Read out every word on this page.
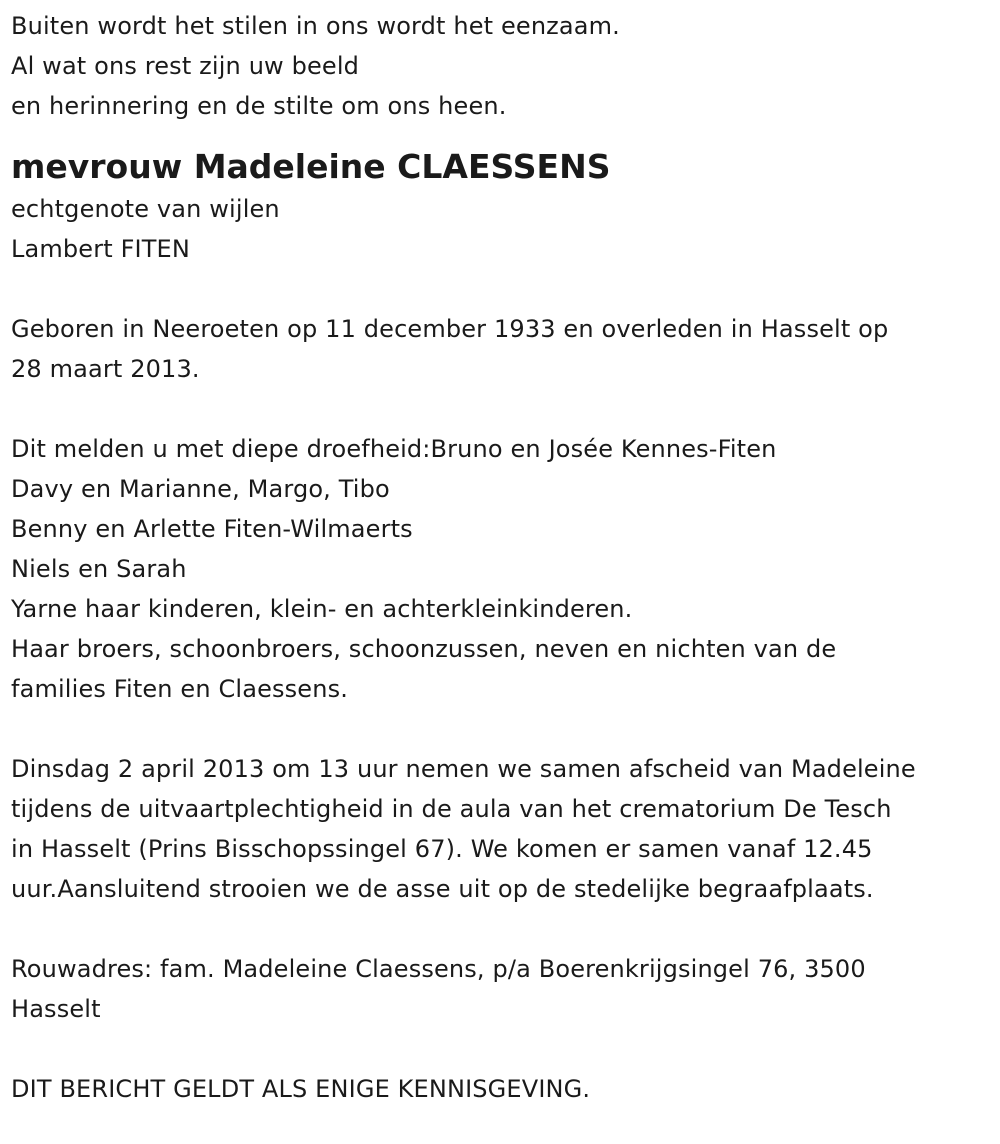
Buiten wordt het stilen in ons wordt het eenzaam.
Al wat ons rest zijn uw beeld
en herinnering en de stilte om ons heen.
mevrouw Madeleine CLAESSENS
echtgenote van wijlen
Lambert FITEN
Geboren in Neeroeten op 11 december 1933 en overleden in Hasselt op
28 maart 2013.
Dit melden u met diepe droefheid:Bruno en Josée Kennes-Fiten
Davy en Marianne, Margo, Tibo
Benny en Arlette Fiten-Wilmaerts
Niels en Sarah
Yarne haar kinderen, klein- en achterkleinkinderen.
Haar broers, schoonbroers, schoonzussen, neven en nichten van de
families Fiten en Claessens.
Dinsdag 2 april 2013 om 13 uur nemen we samen afscheid van Madeleine
tijdens de uitvaartplechtigheid in de aula van het crematorium De Tesch
in Hasselt (Prins Bisschopssingel 67). We komen er samen vanaf 12.45
uur.Aansluitend strooien we de asse uit op de stedelijke begraafplaats.
Rouwadres: fam. Madeleine Claessens, p/a Boerenkrijgsingel 76, 3500
Hasselt
DIT BERICHT GELDT ALS ENIGE KENNISGEVING.
